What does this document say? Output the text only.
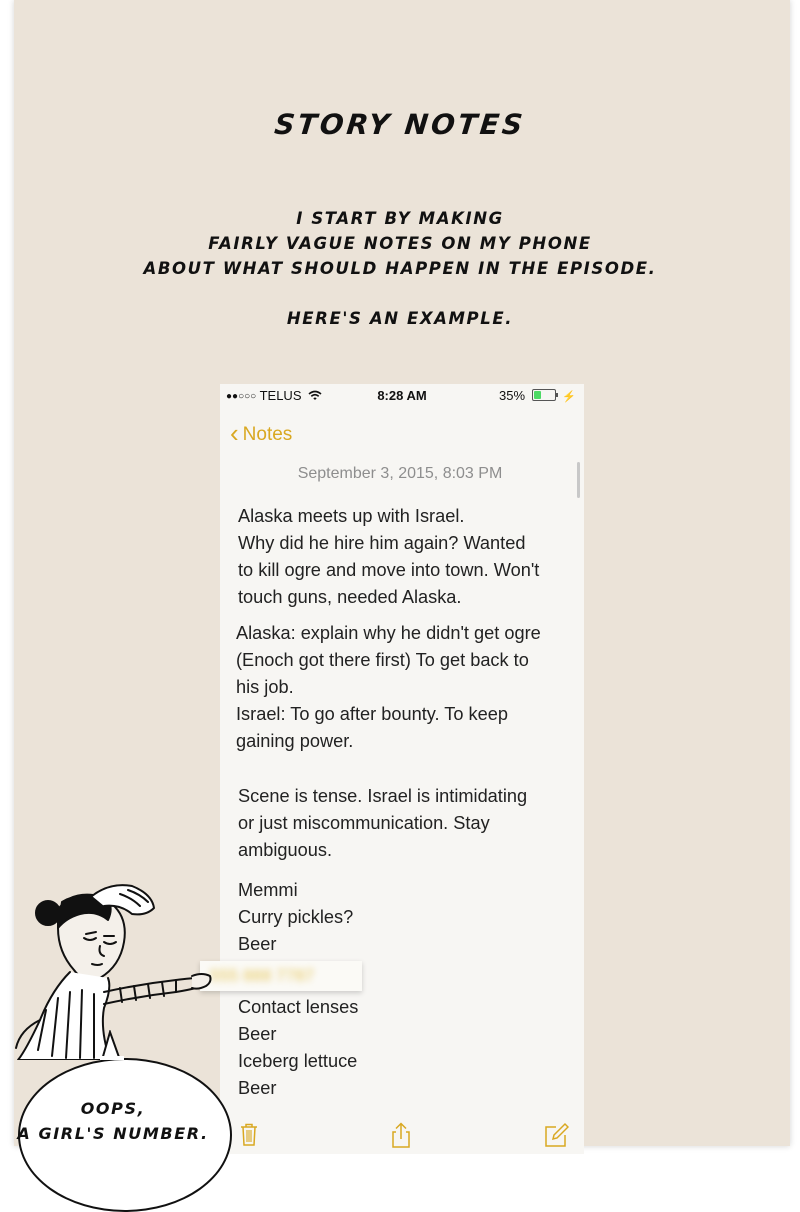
STORY NOTES
I START BY MAKING
FAIRLY VAGUE NOTES ON MY PHONE
ABOUT WHAT SHOULD HAPPEN IN THE EPISODE.
HERE'S AN EXAMPLE.
●●○○○ TELUS	8:28 AM	35%	⚡
‹ Notes
September 3, 2015, 8:03 PM
Alaska meets up with Israel.
Why did he hire him again? Wanted
to kill ogre and move into town. Won't
touch guns, needed Alaska.
Alaska: explain why he didn't get ogre
(Enoch got there first) To get back to
his job.
Israel: To go after bounty. To keep
gaining power.
Scene is tense. Israel is intimidating
or just miscommunication. Stay
ambiguous.
Memmi
Curry pickles?
Beer
Contact lenses
Beer
Iceberg lettuce
Beer
555 888 7787
OOPS,
A GIRL'S NUMBER.
